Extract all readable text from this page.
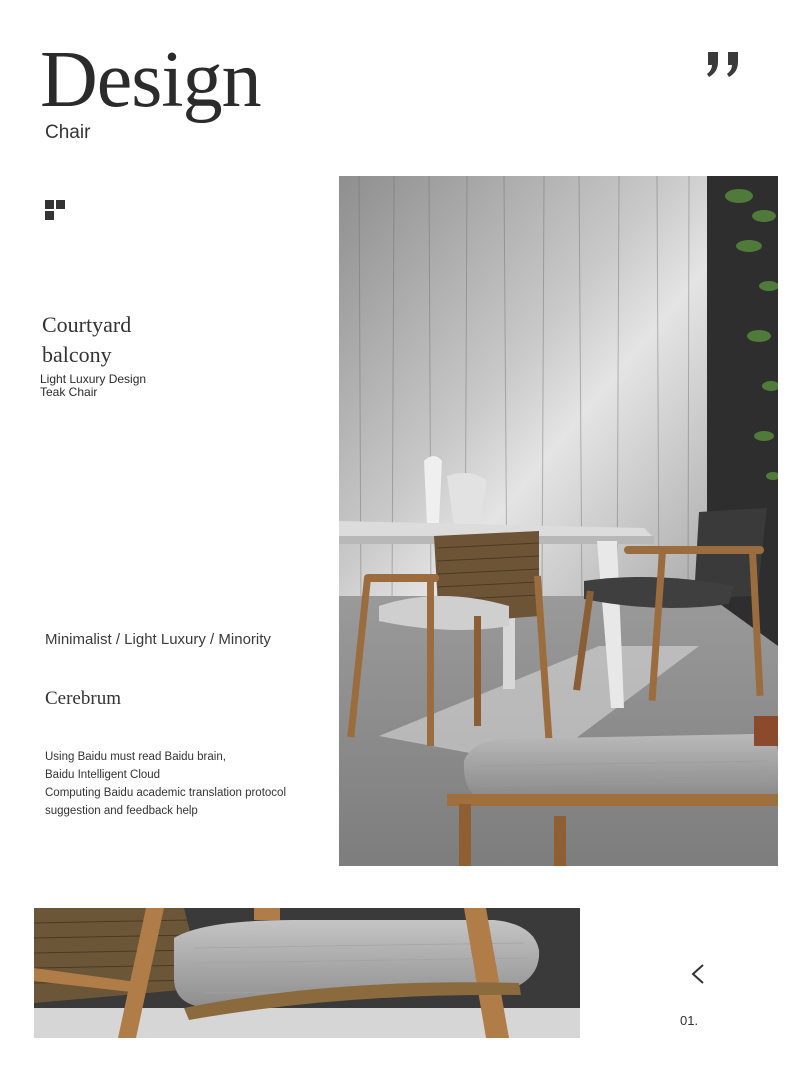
Design
Chair
Courtyard
balcony
Light Luxury Design
Teak Chair
Minimalist / Light Luxury / Minority
Cerebrum
Using Baidu must read Baidu brain,
Baidu Intelligent Cloud
Computing Baidu academic translation protocol
suggestion and feedback help
01.
